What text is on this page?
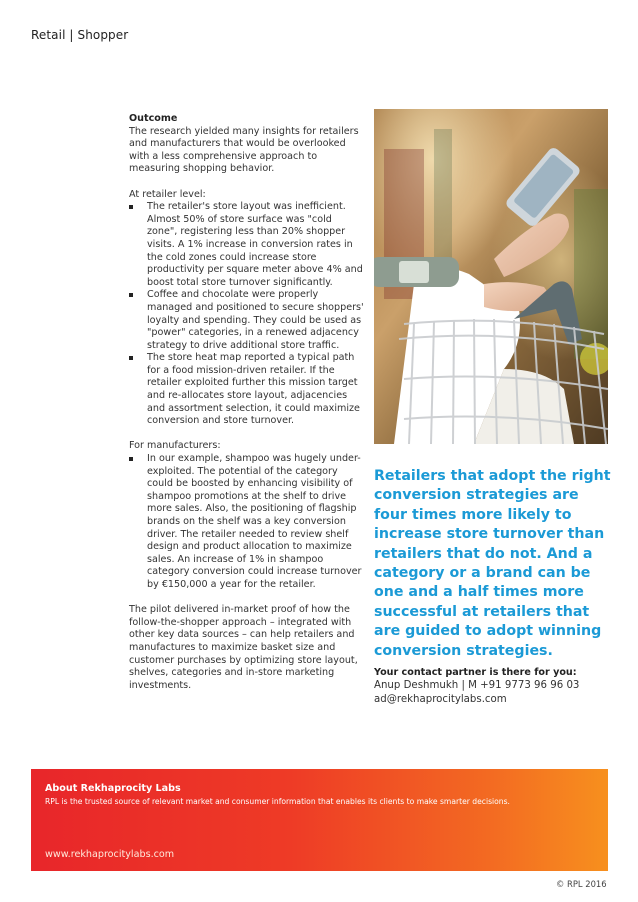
Retail | Shopper

Outcome

The research yielded many insights for retailers and manufacturers that would be overlooked with a less comprehensive approach to measuring shopping behavior.

At retailer level:

The retailer's store layout was inefficient. Almost 50% of store surface was "cold zone", registering less than 20% shopper visits. A 1% increase in conversion rates in the cold zones could increase store productivity per square meter above 4% and boost total store turnover significantly.
Coffee and chocolate were properly managed and positioned to secure shoppers' loyalty and spending. They could be used as "power" categories, in a renewed adjacency strategy to drive additional store traffic.
The store heat map reported a typical path for a food mission-driven retailer. If the retailer exploited further this mission target and re-allocates store layout, adjacencies and assortment selection, it could maximize conversion and store turnover.

For manufacturers:

In our example, shampoo was hugely under-exploited. The potential of the category could be boosted by enhancing visibility of shampoo promotions at the shelf to drive more sales. Also, the positioning of flagship brands on the shelf was a key conversion driver. The retailer needed to review shelf design and product allocation to maximize sales. An increase of 1% in shampoo category conversion could increase turnover by €150,000 a year for the retailer.

The pilot delivered in-market proof of how the follow-the-shopper approach – integrated with other key data sources – can help retailers and manufactures to maximize basket size and customer purchases by optimizing store layout, shelves, categories and in-store marketing investments.

Retailers that adopt the right conversion strategies are four times more likely to increase store turnover than retailers that do not. And a category or a brand can be one and a half times more successful at retailers that are guided to adopt winning conversion strategies.
Your contact partner is there for you:
Anup Deshmukh | M +91 9773 96 96 03
ad@rekhaprocitylabs.com
About Rekhaprocity Labs
RPL is the trusted source of relevant market and consumer information that enables its clients to make smarter decisions.
www.rekhaprocitylabs.com
© RPL 2016
